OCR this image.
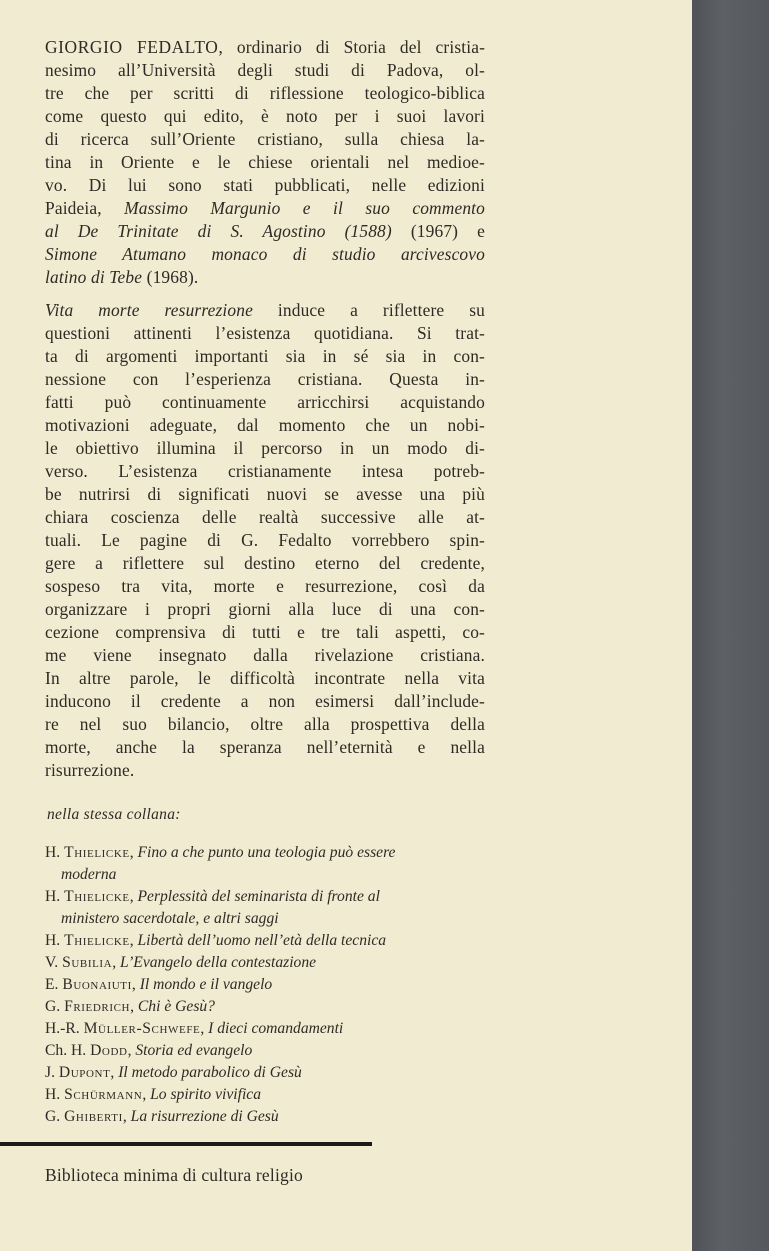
GIORGIO FEDALTO, ordinario di Storia del cristia-
nesimo all’Università degli studi di Padova, ol-
tre che per scritti di riflessione teologico-biblica
come questo qui edito, è noto per i suoi lavori
di ricerca sull’Oriente cristiano, sulla chiesa la-
tina in Oriente e le chiese orientali nel medioe-
vo. Di lui sono stati pubblicati, nelle edizioni
Paideia, Massimo Margunio e il suo commento
al De Trinitate di S. Agostino (1588) (1967) e
Simone Atumano monaco di studio arcivescovo
latino di Tebe (1968).

Vita morte resurrezione induce a riflettere su
questioni attinenti l’esistenza quotidiana. Si trat-
ta di argomenti importanti sia in sé sia in con-
nessione con l’esperienza cristiana. Questa in-
fatti può continuamente arricchirsi acquistando
motivazioni adeguate, dal momento che un nobi-
le obiettivo illumina il percorso in un modo di-
verso. L’esistenza cristianamente intesa potreb-
be nutrirsi di significati nuovi se avesse una più
chiara coscienza delle realtà successive alle at-
tuali. Le pagine di G. Fedalto vorrebbero spin-
gere a riflettere sul destino eterno del credente,
sospeso tra vita, morte e resurrezione, così da
organizzare i propri giorni alla luce di una con-
cezione comprensiva di tutti e tre tali aspetti, co-
me viene insegnato dalla rivelazione cristiana.
In altre parole, le difficoltà incontrate nella vita
inducono il credente a non esimersi dall’include-
re nel suo bilancio, oltre alla prospettiva della
morte, anche la speranza nell’eternità e nella
risurrezione.

nella stessa collana:
H. Thielicke, Fino a che punto una teologia può essere
moderna
H. Thielicke, Perplessità del seminarista di fronte al
ministero sacerdotale, e altri saggi
H. Thielicke, Libertà dell’uomo nell’età della tecnica
V. Subilia, L’Evangelo della contestazione
E. Buonaiuti, Il mondo e il vangelo
G. Friedrich, Chi è Gesù?
H.-R. Müller-Schwefe, I dieci comandamenti
Ch. H. Dodd, Storia ed evangelo
J. Dupont, Il metodo parabolico di Gesù
H. Schürmann, Lo spirito vivifica
G. Ghiberti, La risurrezione di Gesù
Biblioteca minima di cultura religio
